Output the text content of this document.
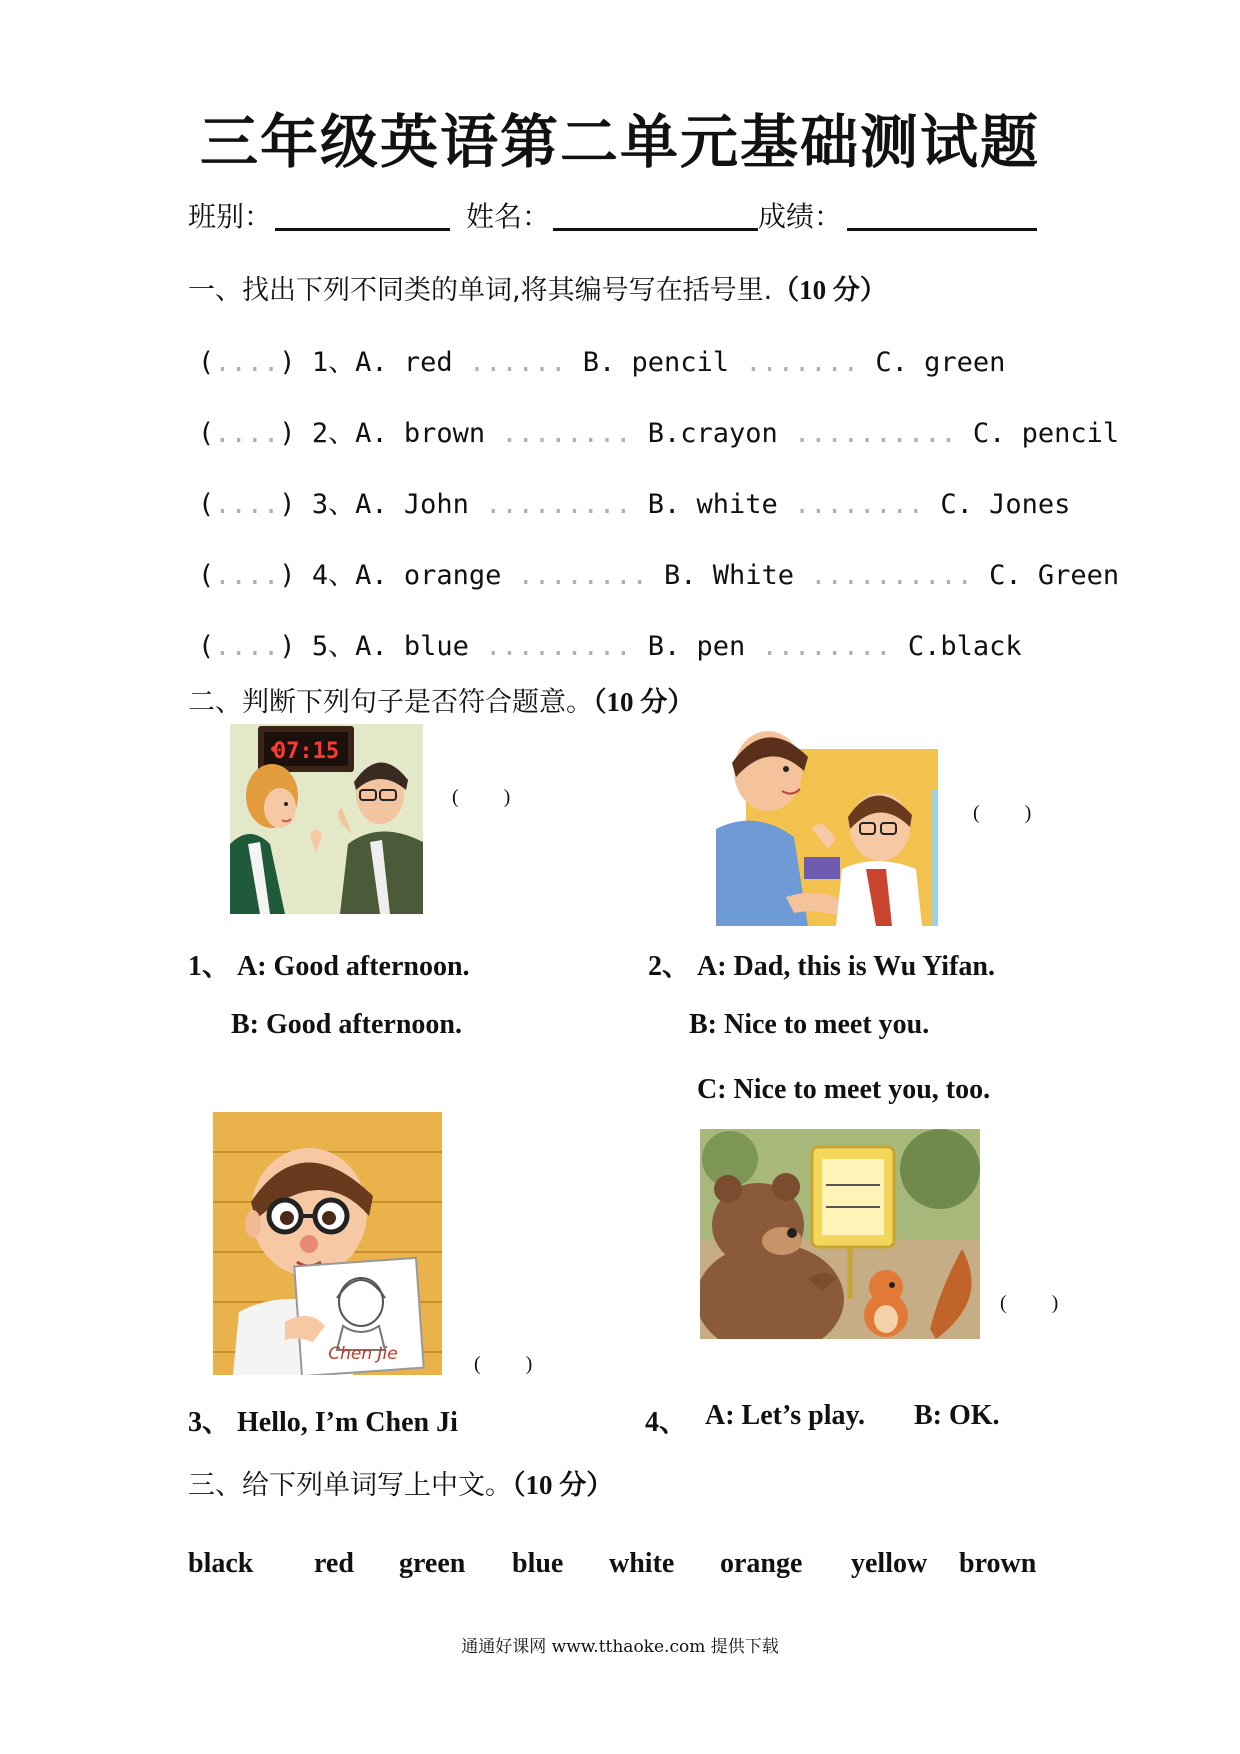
三年级英语第二单元基础测试题
班别：	姓名：	成绩：
一、找出下列不同类的单词,将其编号写在括号里.（10 分）
(....) 1、A. red ...... B. pencil ....... C. green
(....) 2、A. brown ........ B.crayon .......... C. pencil
(....) 3、A. John ......... B. white ........ C. Jones
(....) 4、A. orange ........ B. White .......... C. Green
(....) 5、A. blue ......... B. pen ........ C.black
二、判断下列句子是否符合题意。（10 分）
07:15
(         )
(         )
1、 A: Good afternoon.
B: Good afternoon.
2、 A: Dad, this is Wu Yifan.
B: Nice to meet you.
C: Nice to meet you, too.
Chen Jie	(         )
(         )
3、 Hello, I’m Chen Ji	4、 A: Let’s play. B: OK.
三、给下列单词写上中文。（10 分）
black red green blue white orange yellow brown
通通好课网 www.tthaoke.com 提供下载
